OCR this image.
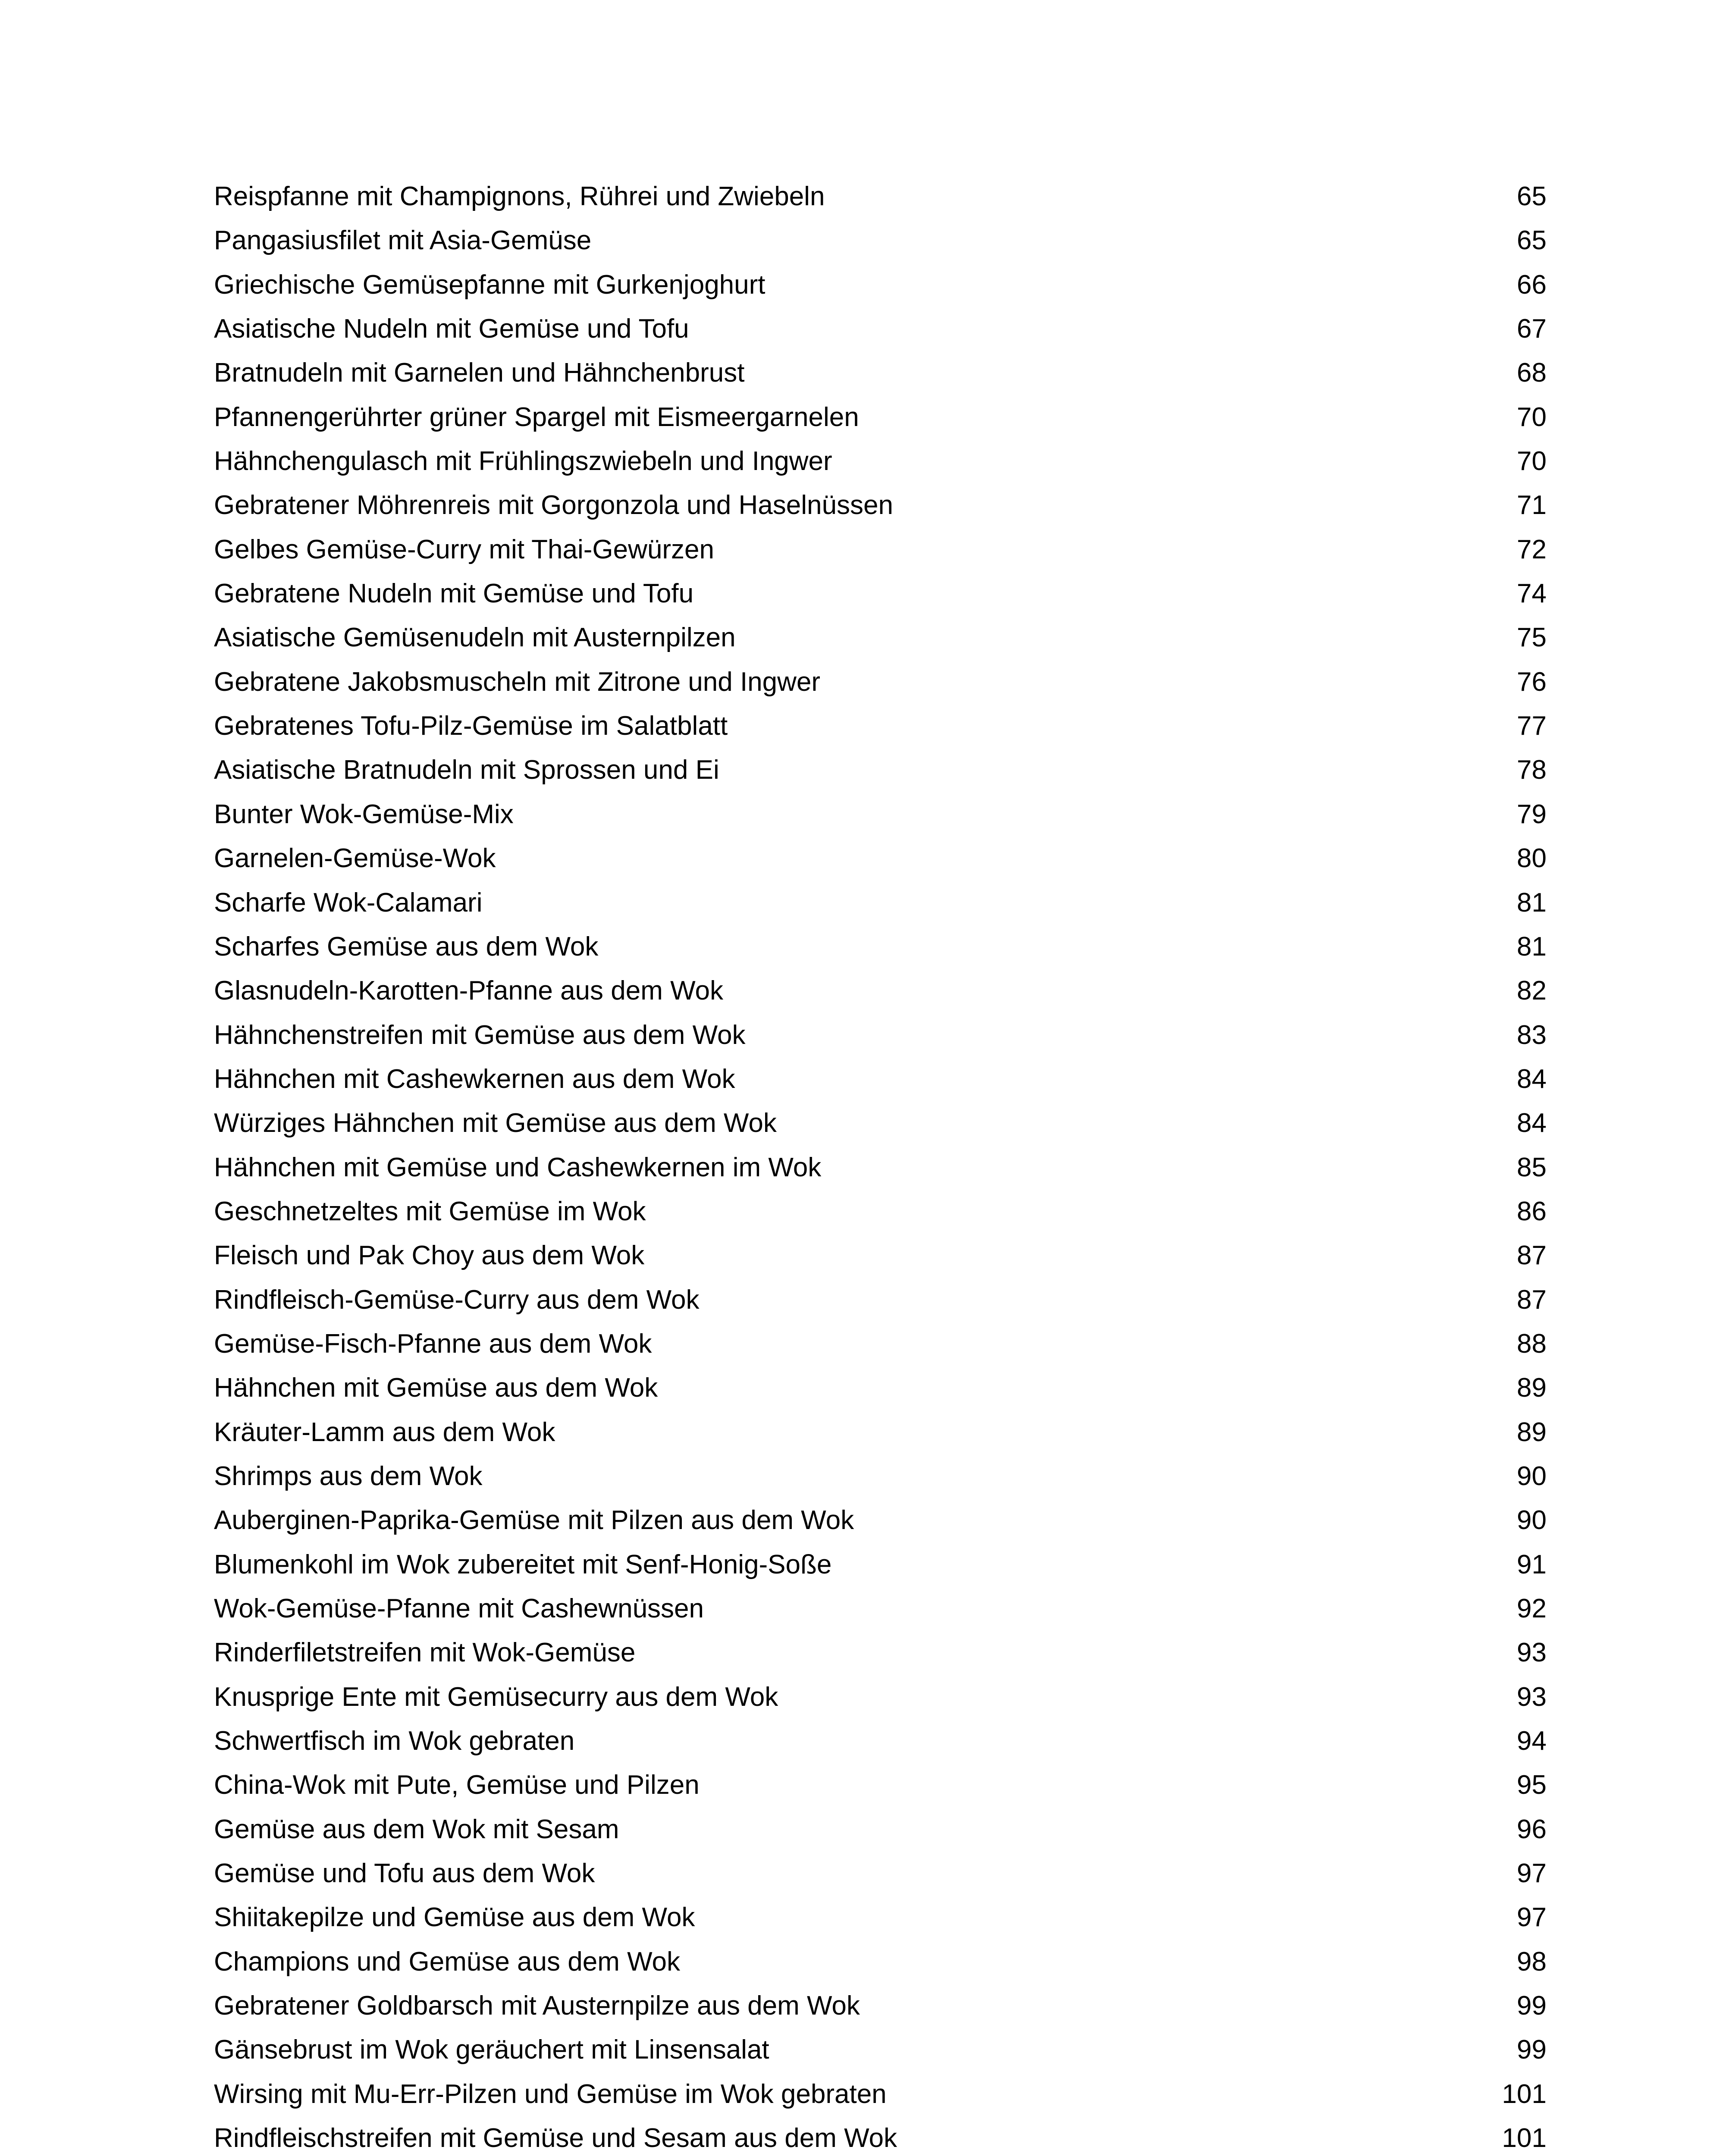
Reispfanne mit Champignons, Rührei und Zwiebeln	65
Pangasiusfilet mit Asia-Gemüse	65
Griechische Gemüsepfanne mit Gurkenjoghurt	66
Asiatische Nudeln mit Gemüse und Tofu	67
Bratnudeln mit Garnelen und Hähnchenbrust	68
Pfannengerührter grüner Spargel mit Eismeergarnelen	70
Hähnchengulasch mit Frühlingszwiebeln und Ingwer	70
Gebratener Möhrenreis mit Gorgonzola und Haselnüssen	71
Gelbes Gemüse-Curry mit Thai-Gewürzen	72
Gebratene Nudeln mit Gemüse und Tofu	74
Asiatische Gemüsenudeln mit Austernpilzen	75
Gebratene Jakobsmuscheln mit Zitrone und Ingwer	76
Gebratenes Tofu-Pilz-Gemüse im Salatblatt	77
Asiatische Bratnudeln mit Sprossen und Ei	78
Bunter Wok-Gemüse-Mix	79
Garnelen-Gemüse-Wok	80
Scharfe Wok-Calamari	81
Scharfes Gemüse aus dem Wok	81
Glasnudeln-Karotten-Pfanne aus dem Wok	82
Hähnchenstreifen mit Gemüse aus dem Wok	83
Hähnchen mit Cashewkernen aus dem Wok	84
Würziges Hähnchen mit Gemüse aus dem Wok	84
Hähnchen mit Gemüse und Cashewkernen im Wok	85
Geschnetzeltes mit Gemüse im Wok	86
Fleisch und Pak Choy aus dem Wok	87
Rindfleisch-Gemüse-Curry aus dem Wok	87
Gemüse-Fisch-Pfanne aus dem Wok	88
Hähnchen mit Gemüse aus dem Wok	89
Kräuter-Lamm aus dem Wok	89
Shrimps aus dem Wok	90
Auberginen-Paprika-Gemüse mit Pilzen aus dem Wok	90
Blumenkohl im Wok zubereitet mit Senf-Honig-Soße	91
Wok-Gemüse-Pfanne mit Cashewnüssen	92
Rinderfiletstreifen mit Wok-Gemüse	93
Knusprige Ente mit Gemüsecurry aus dem Wok	93
Schwertfisch im Wok gebraten	94
China-Wok mit Pute, Gemüse und Pilzen	95
Gemüse aus dem Wok mit Sesam	96
Gemüse und Tofu aus dem Wok	97
Shiitakepilze und Gemüse aus dem Wok	97
Champions und Gemüse aus dem Wok	98
Gebratener Goldbarsch mit Austernpilze aus dem Wok	99
Gänsebrust im Wok geräuchert mit Linsensalat	99
Wirsing mit Mu-Err-Pilzen und Gemüse im Wok gebraten	101
Rindfleischstreifen mit Gemüse und Sesam aus dem Wok	101
